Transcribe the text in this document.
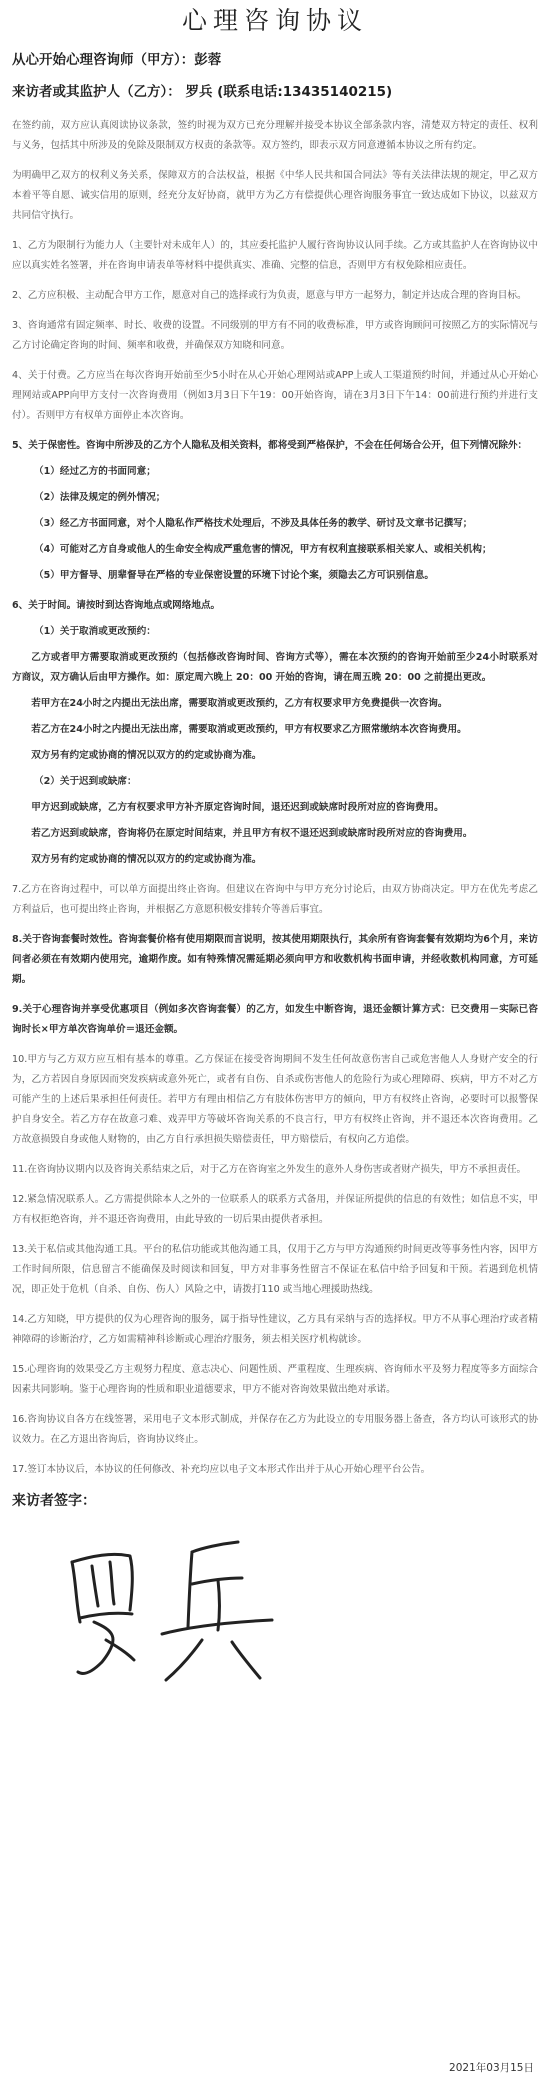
心理咨询协议
从心开始心理咨询师（甲方）：彭蓉
来访者或其监护人（乙方）： 罗兵 (联系电话:13435140215)

在签约前，双方应认真阅读协议条款，签约时视为双方已充分理解并接受本协议全部条款内容，清楚双方特定的责任、权利与义务，包括其中所涉及的免除及限制双方权责的条款等。双方签约，即表示双方同意遵循本协议之所有约定。

为明确甲乙双方的权利义务关系，保障双方的合法权益，根据《中华人民共和国合同法》等有关法律法规的规定，甲乙双方本着平等自愿、诚实信用的原则，经充分友好协商，就甲方为乙方有偿提供心理咨询服务事宜一致达成如下协议，以兹双方共同信守执行。

1、乙方为限制行为能力人（主要针对未成年人）的，其应委托监护人履行咨询协议认同手续。乙方或其监护人在咨询协议中应以真实姓名签署，并在咨询申请表单等材料中提供真实、准确、完整的信息，否则甲方有权免除相应责任。

2、乙方应积极、主动配合甲方工作，愿意对自己的选择或行为负责，愿意与甲方一起努力，制定并达成合理的咨询目标。

3、咨询通常有固定频率、时长、收费的设置。不同级别的甲方有不同的收费标准，甲方或咨询顾问可按照乙方的实际情况与乙方讨论确定咨询的时间、频率和收费，并确保双方知晓和同意。

4、关于付费。乙方应当在每次咨询开始前至少5小时在从心开始心理网站或APP上或人工渠道预约时间，并通过从心开始心理网站或APP向甲方支付一次咨询费用（例如3月3日下午19：00开始咨询，请在3月3日下午14：00前进行预约并进行支付）。否则甲方有权单方面停止本次咨询。

5、关于保密性。咨询中所涉及的乙方个人隐私及相关资料，都将受到严格保护，不会在任何场合公开，但下列情况除外：

（1）经过乙方的书面同意；

（2）法律及规定的例外情况；

（3）经乙方书面同意，对个人隐私作严格技术处理后，不涉及具体任务的教学、研讨及文章书记撰写；

（4）可能对乙方自身或他人的生命安全构成严重危害的情况，甲方有权利直接联系相关家人、或相关机构；

（5）甲方督导、朋辈督导在严格的专业保密设置的环境下讨论个案，须隐去乙方可识别信息。

6、关于时间。请按时到达咨询地点或网络地点。

（1）关于取消或更改预约：

乙方或者甲方需要取消或更改预约（包括修改咨询时间、咨询方式等），需在本次预约的咨询开始前至少24小时联系对方商议，双方确认后由甲方操作。如：原定周六晚上 20：00 开始的咨询，请在周五晚 20：00 之前提出更改。

若甲方在24小时之内提出无法出席，需要取消或更改预约，乙方有权要求甲方免费提供一次咨询。

若乙方在24小时之内提出无法出席，需要取消或更改预约，甲方有权要求乙方照常缴纳本次咨询费用。

双方另有约定或协商的情况以双方的约定或协商为准。

（2）关于迟到或缺席：

甲方迟到或缺席，乙方有权要求甲方补齐原定咨询时间，退还迟到或缺席时段所对应的咨询费用。

若乙方迟到或缺席，咨询将仍在原定时间结束，并且甲方有权不退还迟到或缺席时段所对应的咨询费用。

双方另有约定或协商的情况以双方的约定或协商为准。

7.乙方在咨询过程中，可以单方面提出终止咨询。但建议在咨询中与甲方充分讨论后，由双方协商决定。甲方在优先考虑乙方利益后，也可提出终止咨询，并根据乙方意愿积极安排转介等善后事宜。

8.关于咨询套餐时效性。咨询套餐价格有使用期限而言说明，按其使用期限执行，其余所有咨询套餐有效期均为6个月，来访问者必须在有效期内使用完，逾期作废。如有特殊情况需延期必须向甲方和收数机构书面申请，并经收数机构同意，方可延期。

9.关于心理咨询并享受优惠项目（例如多次咨询套餐）的乙方，如发生中断咨询，退还金额计算方式：已交费用－实际已咨询时长×甲方单次咨询单价＝退还金额。

10.甲方与乙方双方应互相有基本的尊重。乙方保证在接受咨询期间不发生任何故意伤害自己或危害他人人身财产安全的行为，乙方若因自身原因而突发疾病或意外死亡，或者有自伤、自杀或伤害他人的危险行为或心理障碍、疾病，甲方不对乙方可能产生的上述后果承担任何责任。若甲方有理由相信乙方有肢体伤害甲方的倾向，甲方有权终止咨询，必要时可以报警保护自身安全。若乙方存在故意刁难、戏弄甲方等破坏咨询关系的不良言行，甲方有权终止咨询，并不退还本次咨询费用。乙方故意损毁自身或他人财物的，由乙方自行承担损失赔偿责任，甲方赔偿后，有权向乙方追偿。

11.在咨询协议期内以及咨询关系结束之后，对于乙方在咨询室之外发生的意外人身伤害或者财产损失，甲方不承担责任。

12.紧急情况联系人。乙方需提供除本人之外的一位联系人的联系方式备用，并保证所提供的信息的有效性；如信息不实，甲方有权拒绝咨询，并不退还咨询费用，由此导致的一切后果由提供者承担。

13.关于私信或其他沟通工具。平台的私信功能或其他沟通工具，仅用于乙方与甲方沟通预约时间更改等事务性内容，因甲方工作时间所限，信息留言不能确保及时阅读和回复，甲方对非事务性留言不保证在私信中给予回复和干预。若遇到危机情况，即正处于危机（自杀、自伤、伤人）风险之中，请拨打110 或当地心理援助热线。

14.乙方知晓，甲方提供的仅为心理咨询的服务，属于指导性建议，乙方具有采纳与否的选择权。甲方不从事心理治疗或者精神障碍的诊断治疗，乙方如需精神科诊断或心理治疗服务，须去相关医疗机构就诊。

15.心理咨询的效果受乙方主观努力程度、意志决心、问题性质、严重程度、生理疾病、咨询师水平及努力程度等多方面综合因素共同影响。鉴于心理咨询的性质和职业道德要求，甲方不能对咨询效果做出绝对承诺。

16.咨询协议自各方在线签署，采用电子文本形式制成，并保存在乙方为此设立的专用服务器上备查，各方均认可该形式的协议效力。在乙方退出咨询后，咨询协议终止。

17.签订本协议后，本协议的任何修改、补充均应以电子文本形式作出并于从心开始心理平台公告。

来访者签字：
2021年03月15日
